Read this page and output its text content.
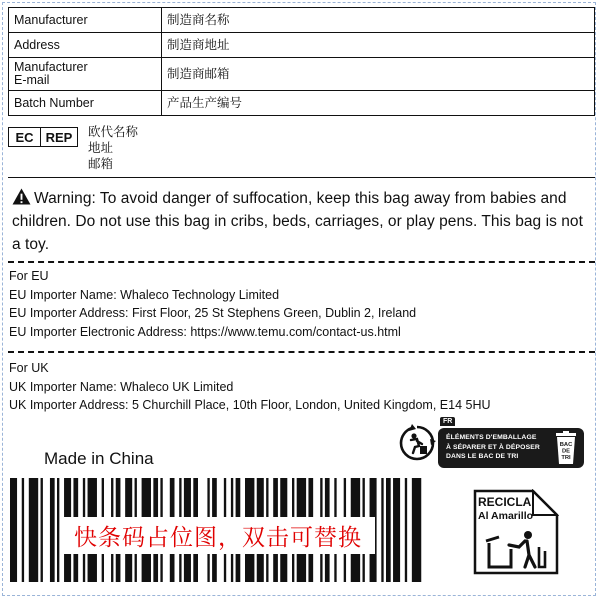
Manufacturer	制造商名称
Address	制造商地址

Manufacturer
E-mail	制造商邮箱
Batch Number	产品生产编号
EC REP	欧代名称
地址
邮箱
Warning: To avoid danger of suffocation, keep this bag away from babies and children. Do not use this bag in cribs, beds, carriages, or play pens. This bag is not a toy.
For EU
EU Importer Name: Whaleco Technology Limited
EU Importer Address: First Floor, 25 St Stephens Green, Dublin 2, Ireland
EU Importer Electronic Address: https://www.temu.com/contact-us.html
For UK
UK Importer Name: Whaleco UK Limited
UK Importer Address: 5 Churchill Place, 10th Floor, London, United Kingdom, E14 5HU
Made in China
快条码占位图，双击可替换
FR
ÉLÉMENTS D'EMBALLAGE
À SÉPARER ET À DÉPOSER
DANS LE BAC DE TRI
BAC
DE
TRI
RECICLA
Al Amarillo
